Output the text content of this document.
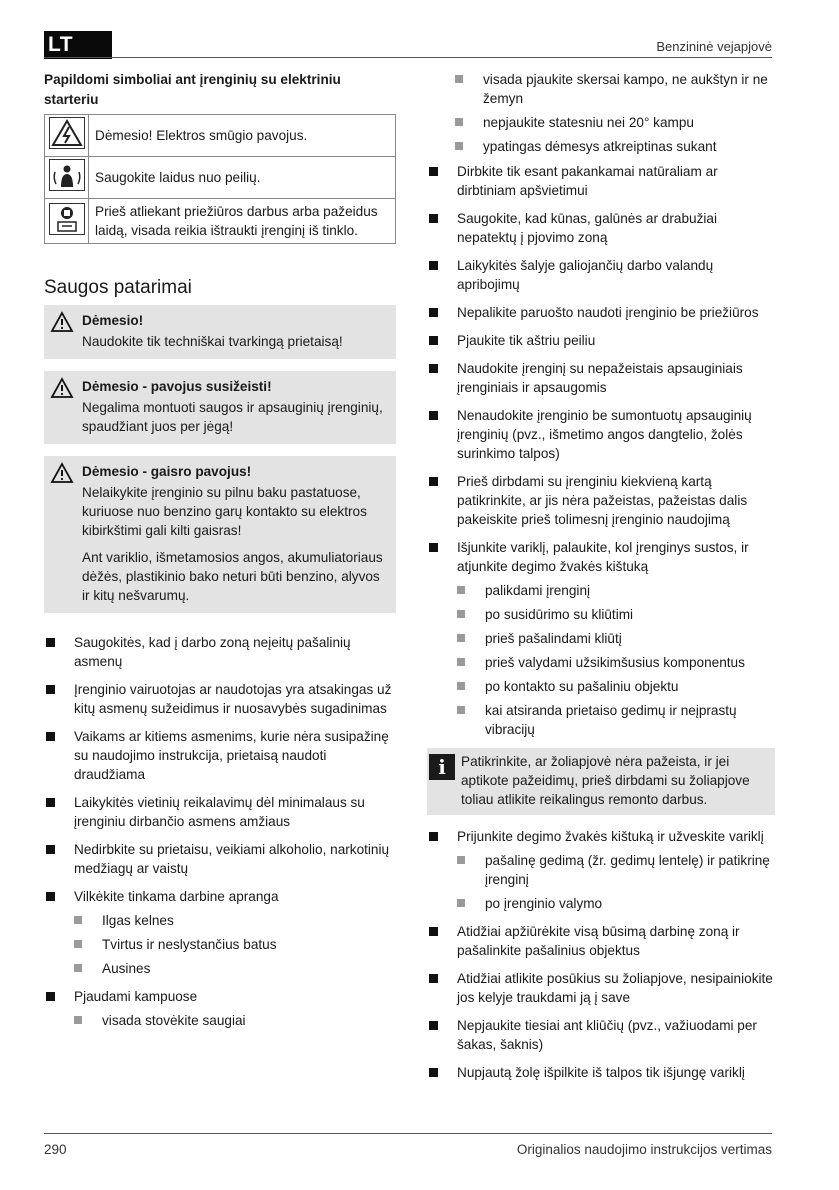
LT	Benzininė vejapjovė
Papildomi simboliai ant įrenginių su elektriniu starteriu
	Dėmesio! Elektros smūgio pavojus.

	Saugokite laidus nuo peilių.

	Prieš atliekant priežiūros darbus arba pažeidus laidą, visada reikia ištraukti įrenginį iš tinklo.
Saugos patarimai
Dėmesio!

Naudokite tik techniškai tvarkingą prietaisą!

Dėmesio - pavojus susižeisti!

Negalima montuoti saugos ir apsauginių įrenginių, spaudžiant juos per jėgą!

Dėmesio - gaisro pavojus!

Nelaikykite įrenginio su pilnu baku pastatuose, kuriuose nuo benzino garų kontakto su elektros kibirkštimi gali kilti gaisras!

Ant variklio, išmetamosios angos, akumuliatoriaus dėžės, plastikinio bako neturi būti benzino, alyvos ir kitų nešvarumų.

Saugokitės, kad į darbo zoną neįeitų pašalinių asmenų
Įrenginio vairuotojas ar naudotojas yra atsakingas už kitų asmenų sužeidimus ir nuosavybės sugadinimas
Vaikams ar kitiems asmenims, kurie nėra susipažinę su naudojimo instrukcija, prietaisą naudoti draudžiama
Laikykitės vietinių reikalavimų dėl minimalaus su įrenginiu dirbančio asmens amžiaus
Nedirbkite su prietaisu, veikiami alkoholio, narkotinių medžiagų ar vaistų
Vilkėkite tinkama darbine apranga
Ilgas kelnes
Tvirtus ir neslystančius batus
Ausines
Pjaudami kampuose
visada stovėkite saugiai
visada pjaukite skersai kampo, ne aukštyn ir ne žemyn
nepjaukite statesniu nei 20° kampu
ypatingas dėmesys atkreiptinas sukant
Dirbkite tik esant pakankamai natūraliam ar dirbtiniam apšvietimui
Saugokite, kad kūnas, galūnės ar drabužiai nepatektų į pjovimo zoną
Laikykitės šalyje galiojančių darbo valandų apribojimų
Nepalikite paruošto naudoti įrenginio be priežiūros
Pjaukite tik aštriu peiliu
Naudokite įrenginį su nepažeistais apsauginiais įrenginiais ir apsaugomis
Nenaudokite įrenginio be sumontuotų apsauginių įrenginių (pvz., išmetimo angos dangtelio, žolės surinkimo talpos)
Prieš dirbdami su įrenginiu kiekvieną kartą patikrinkite, ar jis nėra pažeistas, pažeistas dalis pakeiskite prieš tolimesnį įrenginio naudojimą
Išjunkite variklį, palaukite, kol įrenginys sustos, ir atjunkite degimo žvakės kištuką
palikdami įrenginį
po susidūrimo su kliūtimi
prieš pašalindami kliūtį
prieš valydami užsikimšusius komponentus
po kontakto su pašaliniu objektu
kai atsiranda prietaiso gedimų ir neįprastų vibracijų
i	Patikrinkite, ar žoliapjovė nėra pažeista, ir jei aptikote pažeidimų, prieš dirbdami su žoliapjove toliau atlikite reikalingus remonto darbus.
Prijunkite degimo žvakės kištuką ir užveskite variklį
pašalinę gedimą (žr. gedimų lentelę) ir patikrinę įrenginį
po įrenginio valymo
Atidžiai apžiūrėkite visą būsimą darbinę zoną ir pašalinkite pašalinius objektus
Atidžiai atlikite posūkius su žoliapjove, nesipainiokite jos kelyje traukdami ją į save
Nepjaukite tiesiai ant kliūčių (pvz., važiuodami per šakas, šaknis)
Nupjautą žolę išpilkite iš talpos tik išjungę variklį
290	Originalios naudojimo instrukcijos vertimas
